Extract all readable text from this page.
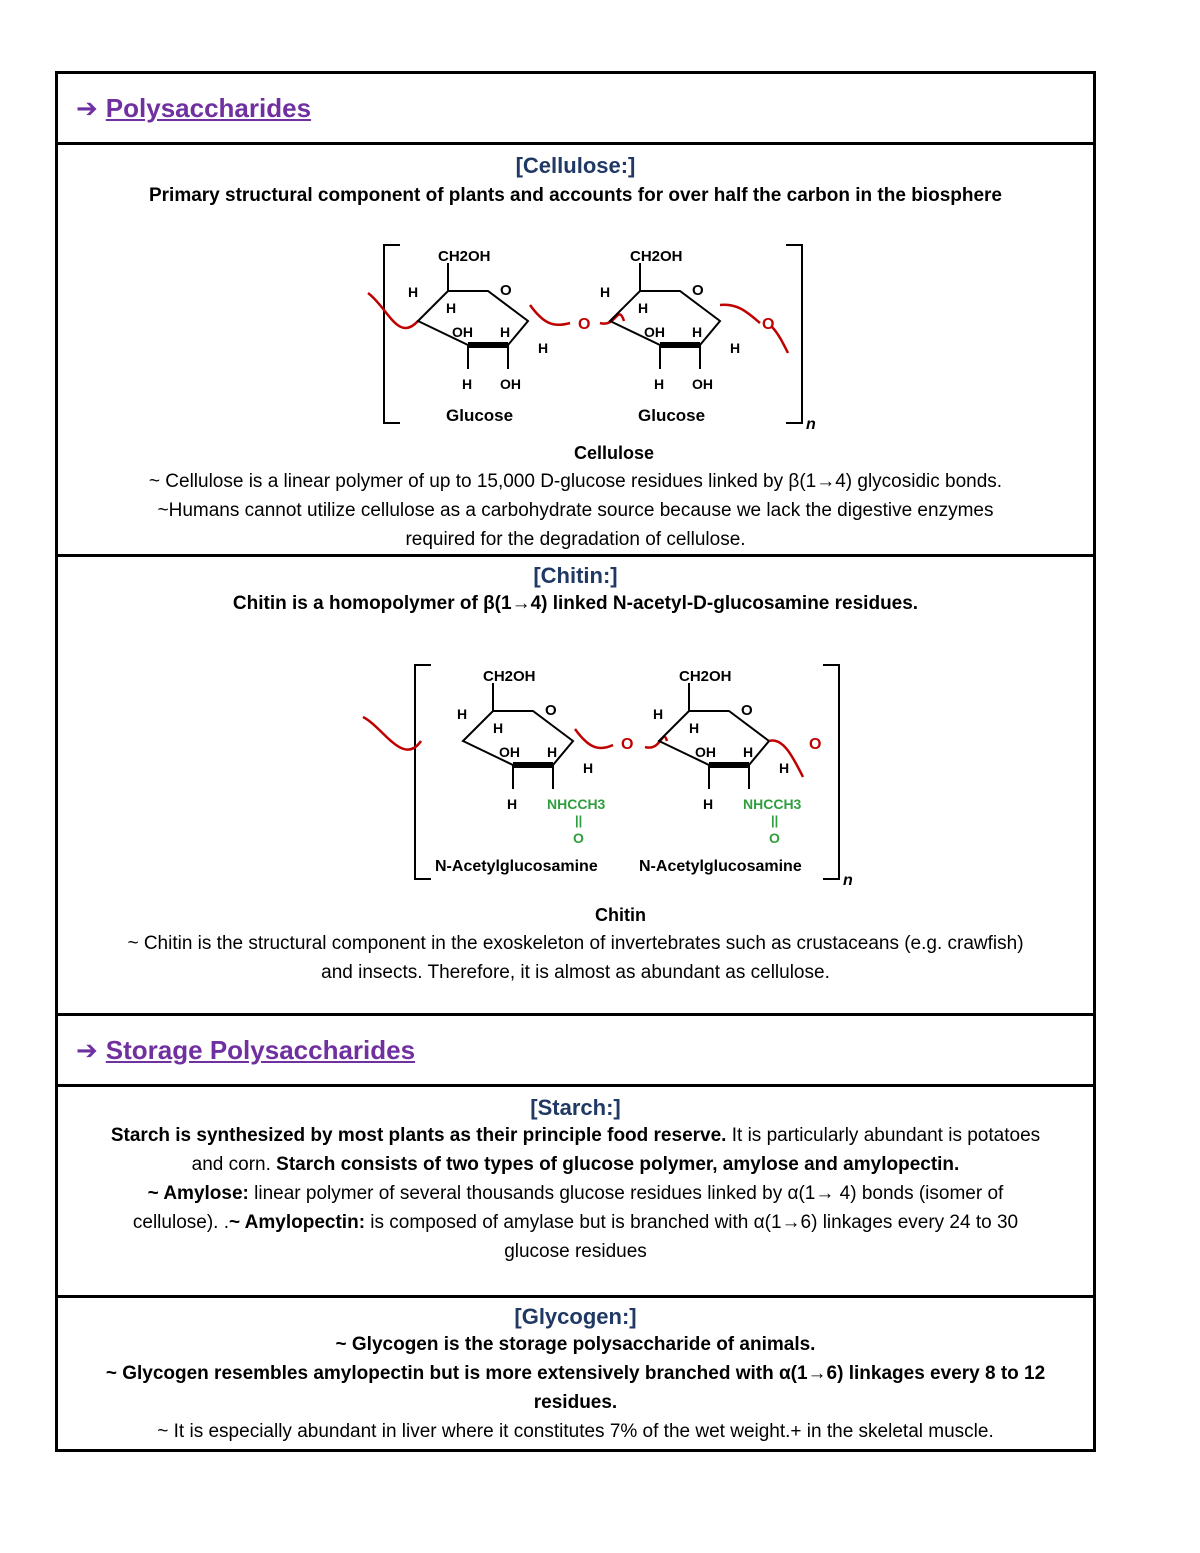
➔ Polysaccharides
[Cellulose:]
Primary structural component of plants and accounts for over half the carbon in the biosphere
n
O	O
CH2OH
O
H
H
OH H
H
H OH
Glucose
CH2OH
O
H
H
OH H
H
H OH
Glucose
Cellulose
~ Cellulose is a linear polymer of up to 15,000 D-glucose residues linked by β(1→4) glycosidic bonds.
~Humans cannot utilize cellulose as a carbohydrate source because we lack the digestive enzymes
required for the degradation of cellulose.
[Chitin:]
Chitin is a homopolymer of β(1→4) linked N-acetyl-D-glucosamine residues.
n
O
CH2OH
O
H
H
OH H
H
H NHCCH3
||
O
N-Acetylglucosamine
CH2OH
O
H
H
OH H
H
H NHCCH3
||
O
N-Acetylglucosamine
O
Chitin
~ Chitin is the structural component in the exoskeleton of invertebrates such as crustaceans (e.g. crawfish)
and insects. Therefore, it is almost as abundant as cellulose.
➔ Storage Polysaccharides
[Starch:]
Starch is synthesized by most plants as their principle food reserve. It is particularly abundant is potatoes
and corn. Starch consists of two types of glucose polymer, amylose and amylopectin.
~ Amylose: linear polymer of several thousands glucose residues linked by α(1→ 4) bonds (isomer of
cellulose). .~ Amylopectin: is composed of amylase but is branched with α(1→6) linkages every 24 to 30
glucose residues
[Glycogen:]
~ Glycogen is the storage polysaccharide of animals.
~ Glycogen resembles amylopectin but is more extensively branched with α(1→6) linkages every 8 to 12
residues.
~ It is especially abundant in liver where it constitutes 7% of the wet weight.+ in the skeletal muscle.
